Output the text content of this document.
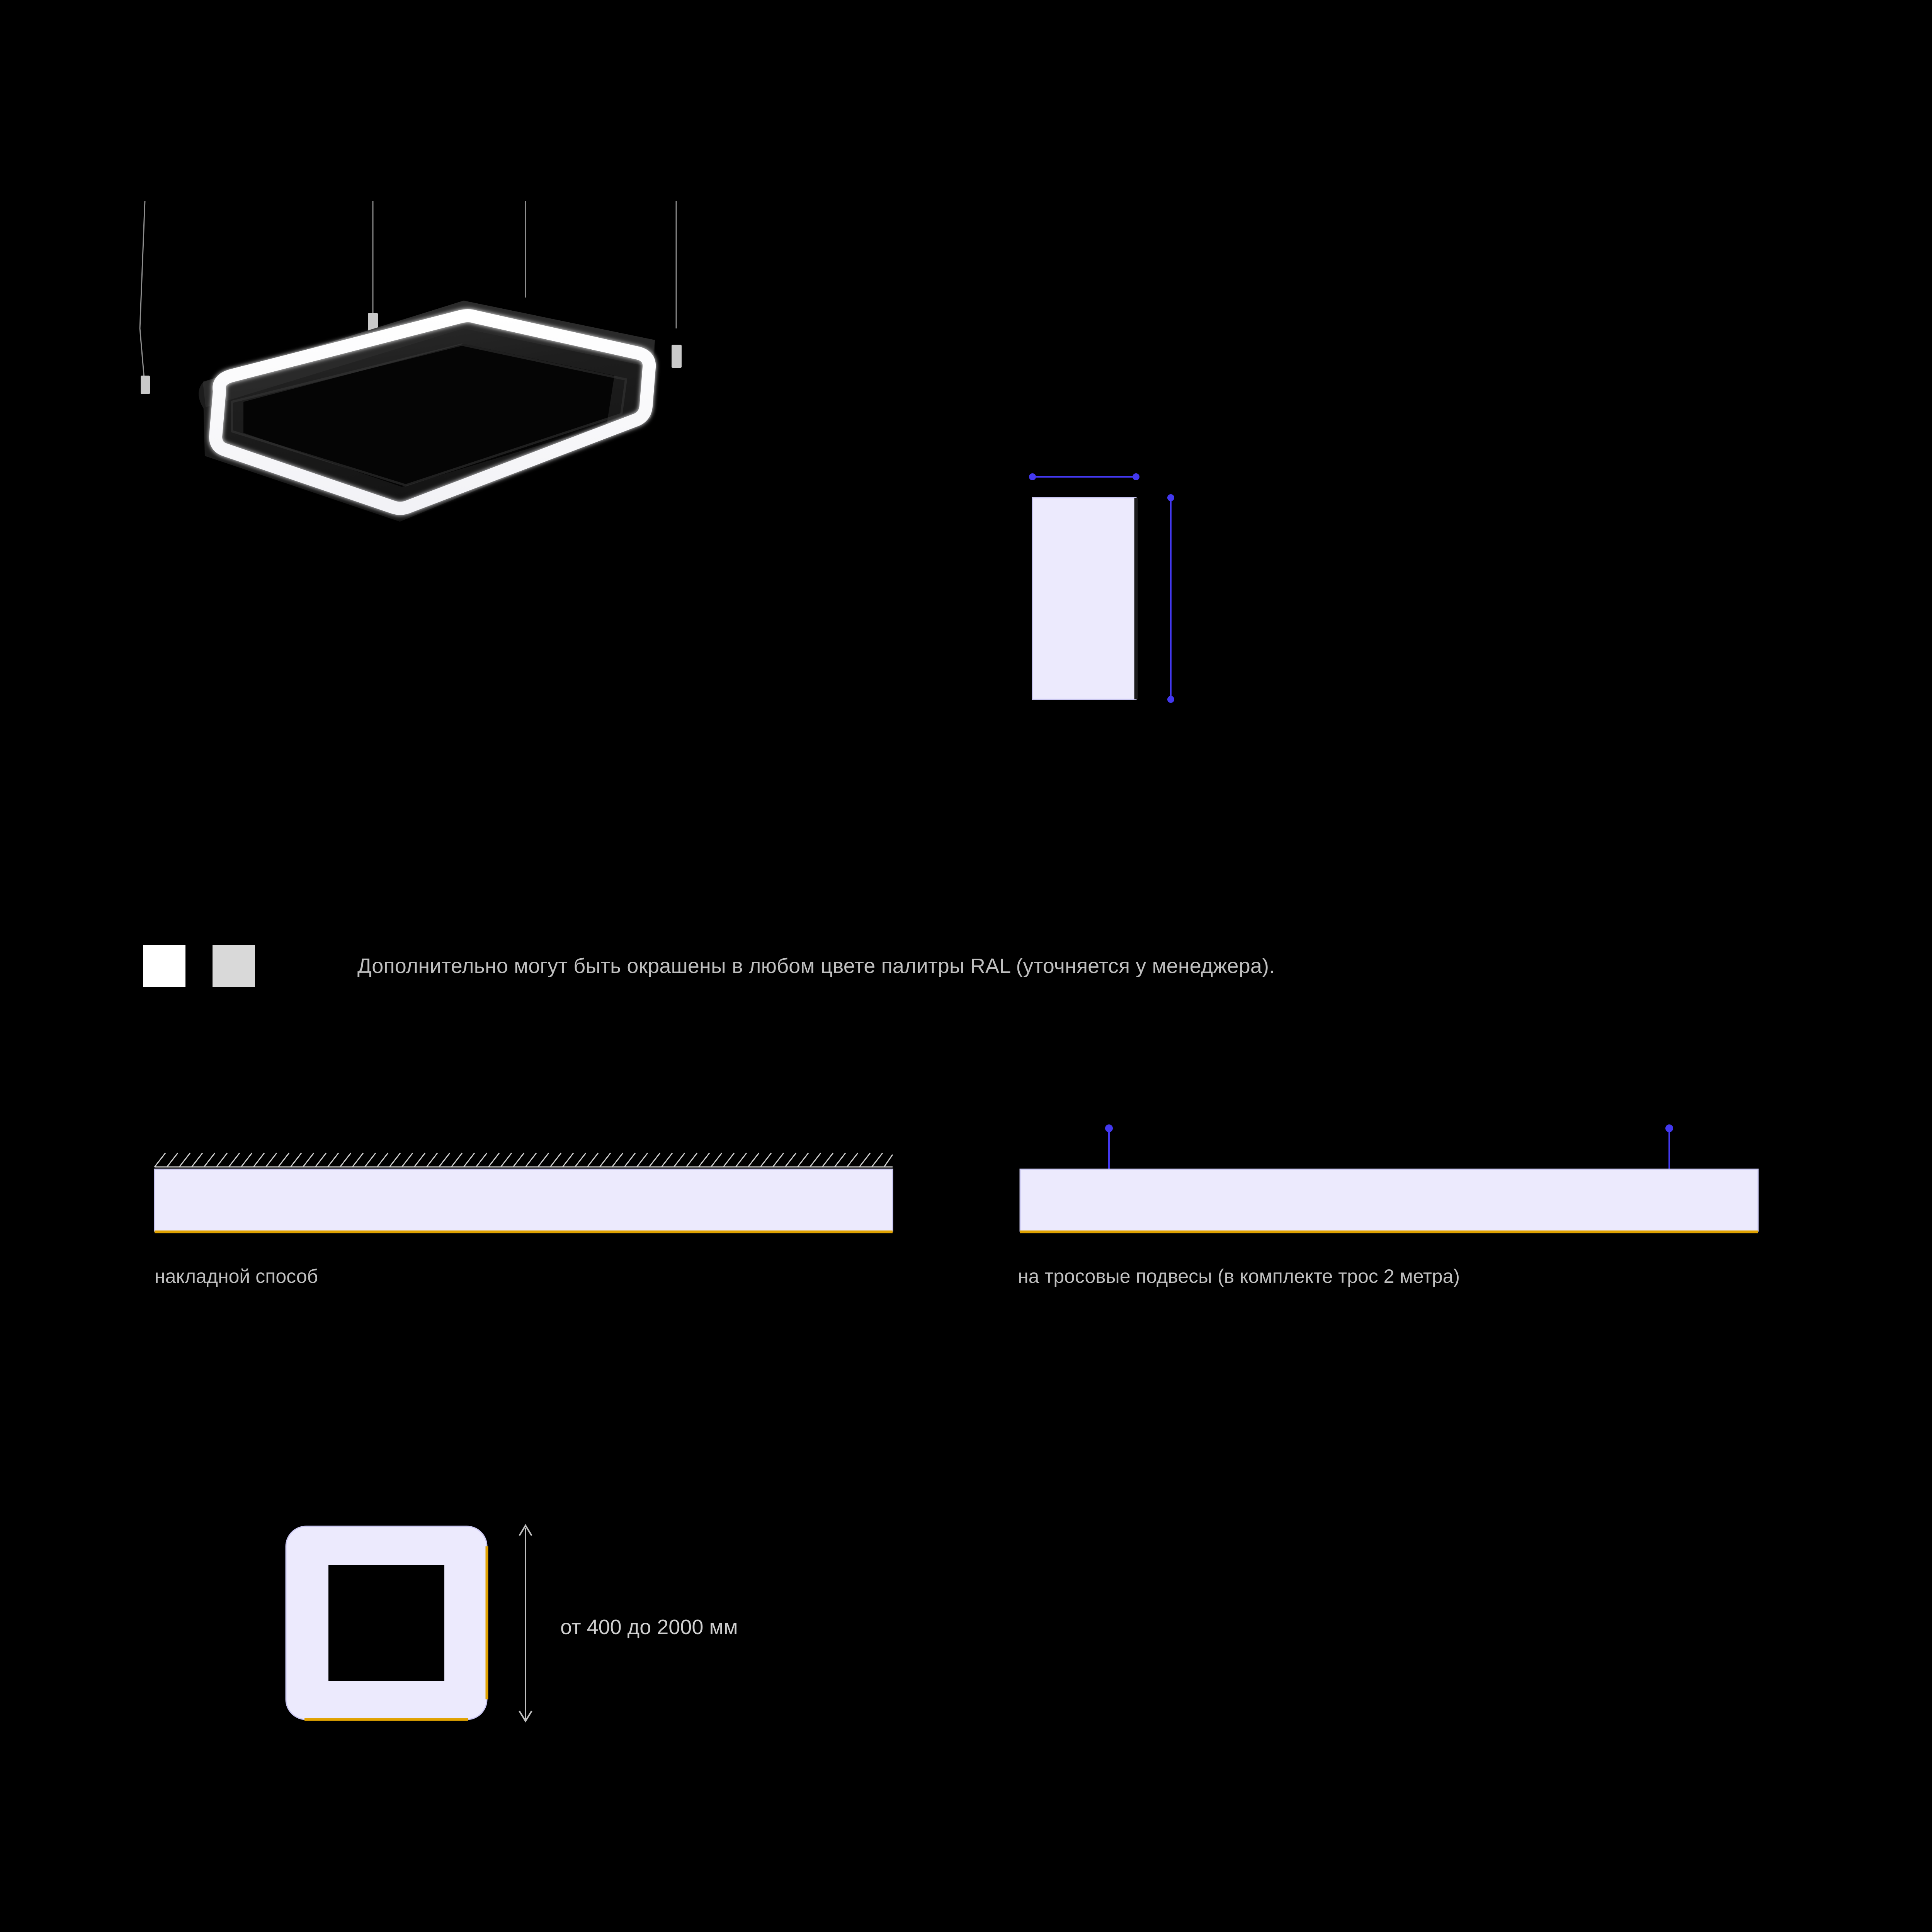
Дополнительно могут быть окрашены в любом цвете палитры RAL (уточняется у менеджера).
накладной способ	на тросовые подвесы (в комплекте трос 2 метра)
от 400 до 2000 мм
